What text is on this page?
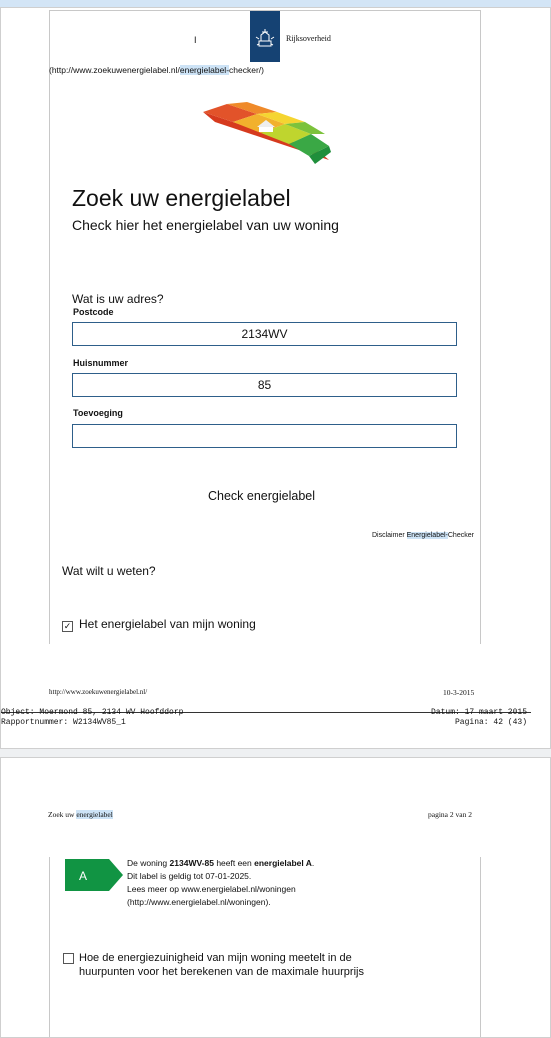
I	Rijksoverheid
(http://www.zoekuwenergielabel.nl/energielabel-checker/)
A
Zoek uw energielabel
Check hier het energielabel van uw woning
Wat is uw adres?
Postcode
2134WV
Huisnummer
85
Toevoeging
Check energielabel
Disclaimer Energielabel-Checker
Wat wilt u weten?
✓ Het energielabel van mijn woning
http://www.zoekuwenergielabel.nl/	10-3-2015
Object: Moermond 85, 2134 WV Hoofddorp
Rapportnummer: W2134WV85_1
Datum: 17 maart 2015
Pagina: 42 (43)
Zoek uw energielabel	pagina 2 van 2
A
De woning 2134WV-85 heeft een energielabel A.
Dit label is geldig tot 07-01-2025.
Lees meer op www.energielabel.nl/woningen
(http://www.energielabel.nl/woningen).
Hoe de energiezuinigheid van mijn woning meetelt in de huurpunten voor het berekenen van de maximale huurprijs
